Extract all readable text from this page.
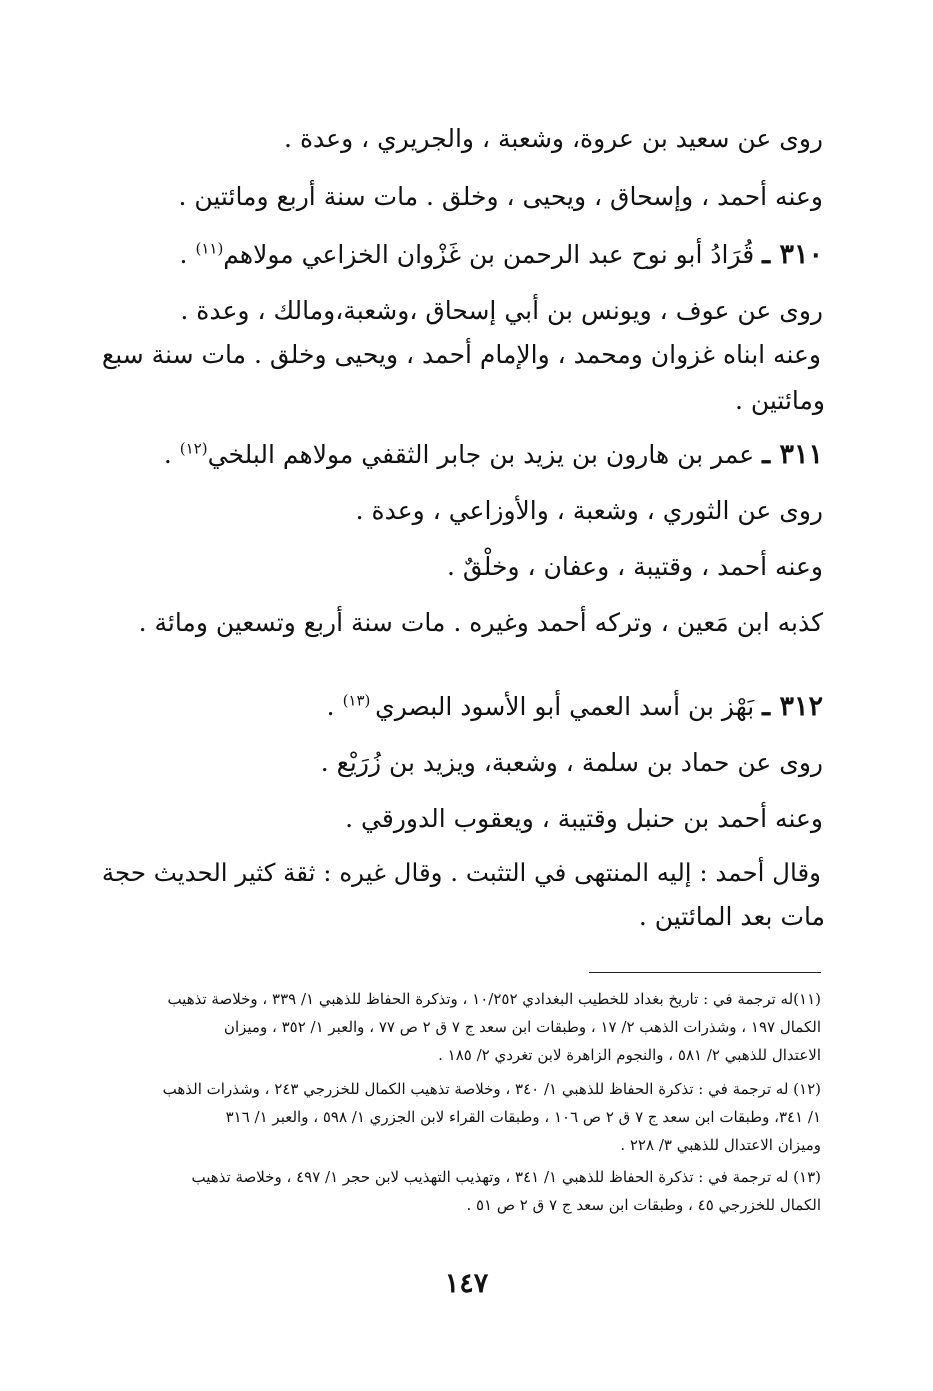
روى عن سعيد بن عروة، وشعبة ، والجريري ، وعدة .
وعنه أحمد ، وإسحاق ، ويحيى ، وخلق . مات سنة أربع ومائتين .
٣١٠ ـ قُرَادُ أبو نوح عبد الرحمن بن غَزْوان الخزاعي مولاهم$^{(١١)}$ .
روى عن عوف ، ويونس بن أبي إسحاق ،وشعبة،ومالك ، وعدة .
وعنه ابناه غزوان ومحمد ، والإمام أحمد ، ويحيى وخلق . مات سنة سبع
ومائتين .
٣١١ ـ عمر بن هارون بن يزيد بن جابر الثقفي مولاهم البلخي$^{(١٢)}$ .
روى عن الثوري ، وشعبة ، والأوزاعي ، وعدة .
وعنه أحمد ، وقتيبة ، وعفان ، وخلْقٌ .
كذبه ابن مَعين ، وتركه أحمد وغيره . مات سنة أربع وتسعين ومائة .
٣١٢ ـ بَهْز بن أسد العمي أبو الأسود البصري $^{(١٣)}$ .
روى عن حماد بن سلمة ، وشعبة، ويزيد بن زُرَيْع .
وعنه أحمد بن حنبل وقتيبة ، ويعقوب الدورقي .
وقال أحمد : إليه المنتهى في التثبت . وقال غيره : ثقة كثير الحديث حجة
مات بعد المائتين .
(١١)له ترجمة في : تاريخ بغداد للخطيب البغدادي ١٠/٢٥٢ ، وتذكرة الحفاظ للذهبي ١/ ٣٣٩ ، وخلاصة تذهيب
الكمال ١٩٧ ، وشذرات الذهب ٢/ ١٧ ، وطبقات ابن سعد ج ٧ ق ٢ ص ٧٧ ، والعبر ١/ ٣٥٢ ، وميزان
الاعتدال للذهبي ٢/ ٥٨١ ، والنجوم الزاهرة لابن تغردي ٢/ ١٨٥ .
(١٢) له ترجمة في : تذكرة الحفاظ للذهبي ١/ ٣٤٠ ، وخلاصة تذهيب الكمال للخزرجي ٢٤٣ ، وشذرات الذهب
١/ ٣٤١، وطبقات ابن سعد ج ٧ ق ٢ ص ١٠٦ ، وطبقات القراء لابن الجزري ١/ ٥٩٨ ، والعبر ١/ ٣١٦
وميزان الاعتدال للذهبي ٣/ ٢٢٨ .
(١٣) له ترجمة في : تذكرة الحفاظ للذهبي ١/ ٣٤١ ، وتهذيب التهذيب لابن حجر ١/ ٤٩٧ ، وخلاصة تذهيب
الكمال للخزرجي ٤٥ ، وطبقات ابن سعد ج ٧ ق ٢ ص ٥١ .
١٤٧
